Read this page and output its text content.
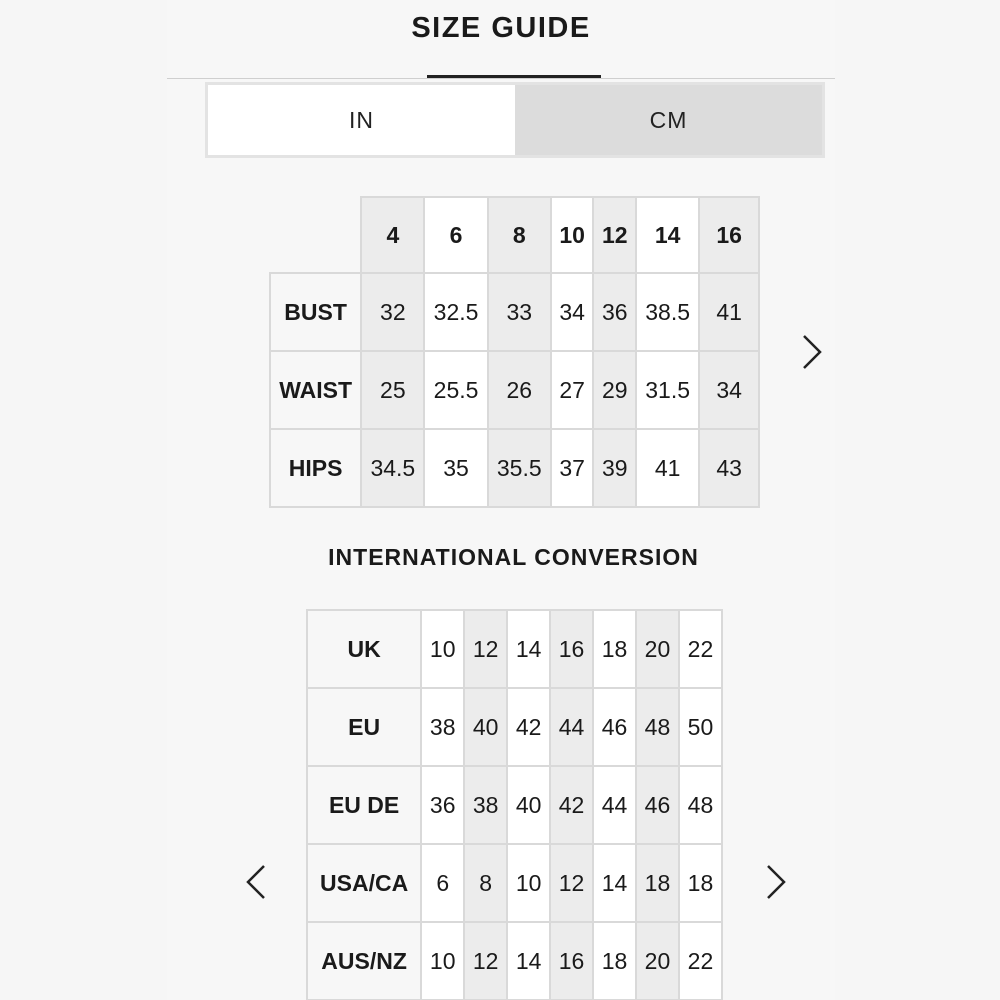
SIZE GUIDE
IN	CM
	4	6	8	10	12	14	16
BUST	32	32.5	33	34	36	38.5	41
WAIST	25	25.5	26	27	29	31.5	34
HIPS	34.5	35	35.5	37	39	41	43
INTERNATIONAL CONVERSION
UK	10	12	14	16	18	20	22
EU	38	40	42	44	46	48	50
EU DE	36	38	40	42	44	46	48
USA/CA	6	8	10	12	14	18	18
AUS/NZ	10	12	14	16	18	20	22
